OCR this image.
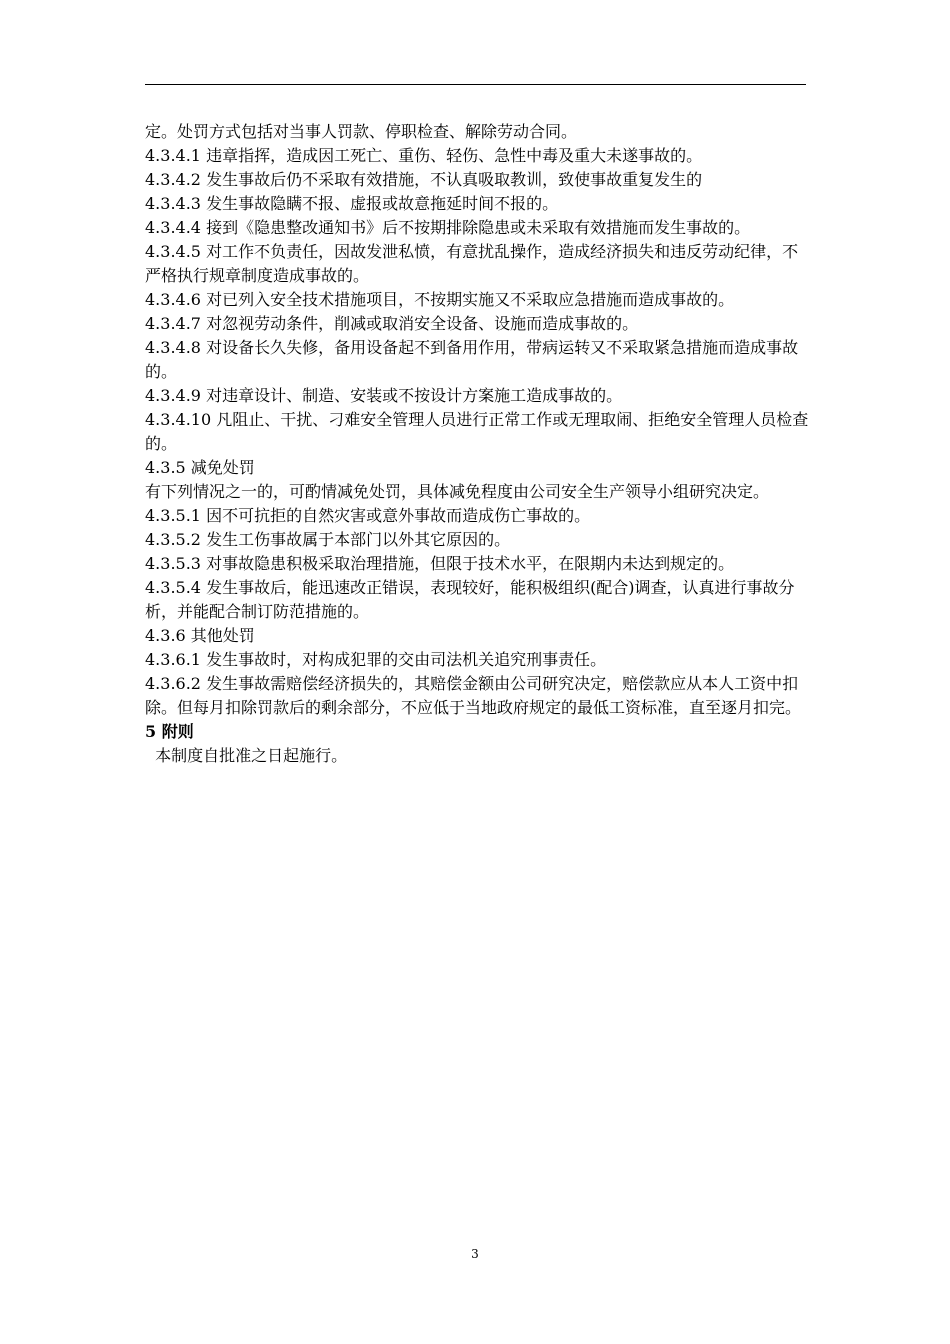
定。处罚方式包括对当事人罚款、停职检查、解除劳动合同。

4.3.4.1 违章指挥，造成因工死亡、重伤、轻伤、急性中毒及重大未遂事故的。

4.3.4.2 发生事故后仍不采取有效措施，不认真吸取教训，致使事故重复发生的

4.3.4.3 发生事故隐瞒不报、虚报或故意拖延时间不报的。

4.3.4.4 接到《隐患整改通知书》后不按期排除隐患或未采取有效措施而发生事故的。

4.3.4.5 对工作不负责任，因故发泄私愤，有意扰乱操作，造成经济损失和违反劳动纪律，不严格执行规章制度造成事故的。

4.3.4.6 对已列入安全技术措施项目，不按期实施又不采取应急措施而造成事故的。

4.3.4.7 对忽视劳动条件，削减或取消安全设备、设施而造成事故的。

4.3.4.8 对设备长久失修，备用设备起不到备用作用，带病运转又不采取紧急措施而造成事故的。

4.3.4.9 对违章设计、制造、安装或不按设计方案施工造成事故的。

4.3.4.10 凡阻止、干扰、刁难安全管理人员进行正常工作或无理取闹、拒绝安全管理人员检查的。

4.3.5 减免处罚

有下列情况之一的，可酌情减免处罚，具体减免程度由公司安全生产领导小组研究决定。

4.3.5.1 因不可抗拒的自然灾害或意外事故而造成伤亡事故的。

4.3.5.2 发生工伤事故属于本部门以外其它原因的。

4.3.5.3 对事故隐患积极采取治理措施，但限于技术水平，在限期内未达到规定的。

4.3.5.4 发生事故后，能迅速改正错误，表现较好，能积极组织(配合)调查，认真进行事故分析，并能配合制订防范措施的。

4.3.6 其他处罚

4.3.6.1 发生事故时，对构成犯罪的交由司法机关追究刑事责任。

4.3.6.2 发生事故需赔偿经济损失的，其赔偿金额由公司研究决定，赔偿款应从本人工资中扣除。但每月扣除罚款后的剩余部分，不应低于当地政府规定的最低工资标准，直至逐月扣完。

5 附则

本制度自批准之日起施行。

3
